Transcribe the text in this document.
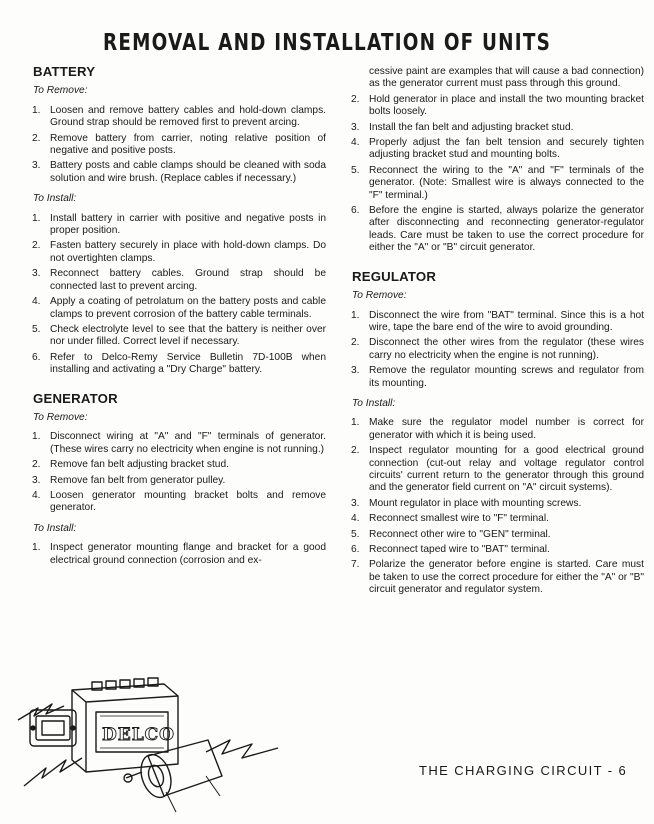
REMOVAL AND INSTALLATION OF UNITS
BATTERY
To Remove:
1. Loosen and remove battery cables and hold-down clamps. Ground strap should be removed first to prevent arcing.
2. Remove battery from carrier, noting relative position of negative and positive posts.
3. Battery posts and cable clamps should be cleaned with soda solution and wire brush. (Replace cables if necessary.)
To Install:
1. Install battery in carrier with positive and negative posts in proper position.
2. Fasten battery securely in place with hold-down clamps. Do not overtighten clamps.
3. Reconnect battery cables. Ground strap should be connected last to prevent arcing.
4. Apply a coating of petrolatum on the battery posts and cable clamps to prevent corrosion of the battery cable terminals.
5. Check electrolyte level to see that the battery is neither over nor under filled. Correct level if necessary.
6. Refer to Delco-Remy Service Bulletin 7D-100B when installing and activating a "Dry Charge" battery.
GENERATOR
To Remove:
1. Disconnect wiring at "A" and "F" terminals of generator. (These wires carry no electricity when engine is not running.)
2. Remove fan belt adjusting bracket stud.
3. Remove fan belt from generator pulley.
4. Loosen generator mounting bracket bolts and remove generator.
To Install:
1. Inspect generator mounting flange and bracket for a good electrical ground connection (corrosion and ex-
cessive paint are examples that will cause a bad connection) as the generator current must pass through this ground.
2. Hold generator in place and install the two mounting bracket bolts loosely.
3. Install the fan belt and adjusting bracket stud.
4. Properly adjust the fan belt tension and securely tighten adjusting bracket stud and mounting bolts.
5. Reconnect the wiring to the "A" and "F" terminals of the generator. (Note: Smallest wire is always connected to the "F" terminal.)
6. Before the engine is started, always polarize the generator after disconnecting and reconnecting generator-regulator leads. Care must be taken to use the correct procedure for either the "A" or "B" circuit generator.
REGULATOR
To Remove:
1. Disconnect the wire from "BAT" terminal. Since this is a hot wire, tape the bare end of the wire to avoid grounding.
2. Disconnect the other wires from the regulator (these wires carry no electricity when the engine is not running).
3. Remove the regulator mounting screws and regulator from its mounting.
To Install:
1. Make sure the regulator model number is correct for generator with which it is being used.
2. Inspect regulator mounting for a good electrical ground connection (cut-out relay and voltage regulator control circuits' current return to the generator through this ground and the generator field current on "A" circuit systems).
3. Mount regulator in place with mounting screws.
4. Reconnect smallest wire to "F" terminal.
5. Reconnect other wire to "GEN" terminal.
6. Reconnect taped wire to "BAT" terminal.
7. Polarize the generator before engine is started. Care must be taken to use the correct procedure for either the "A" or "B" circuit generator and regulator system.
DELCO
THE CHARGING CIRCUIT - 6
